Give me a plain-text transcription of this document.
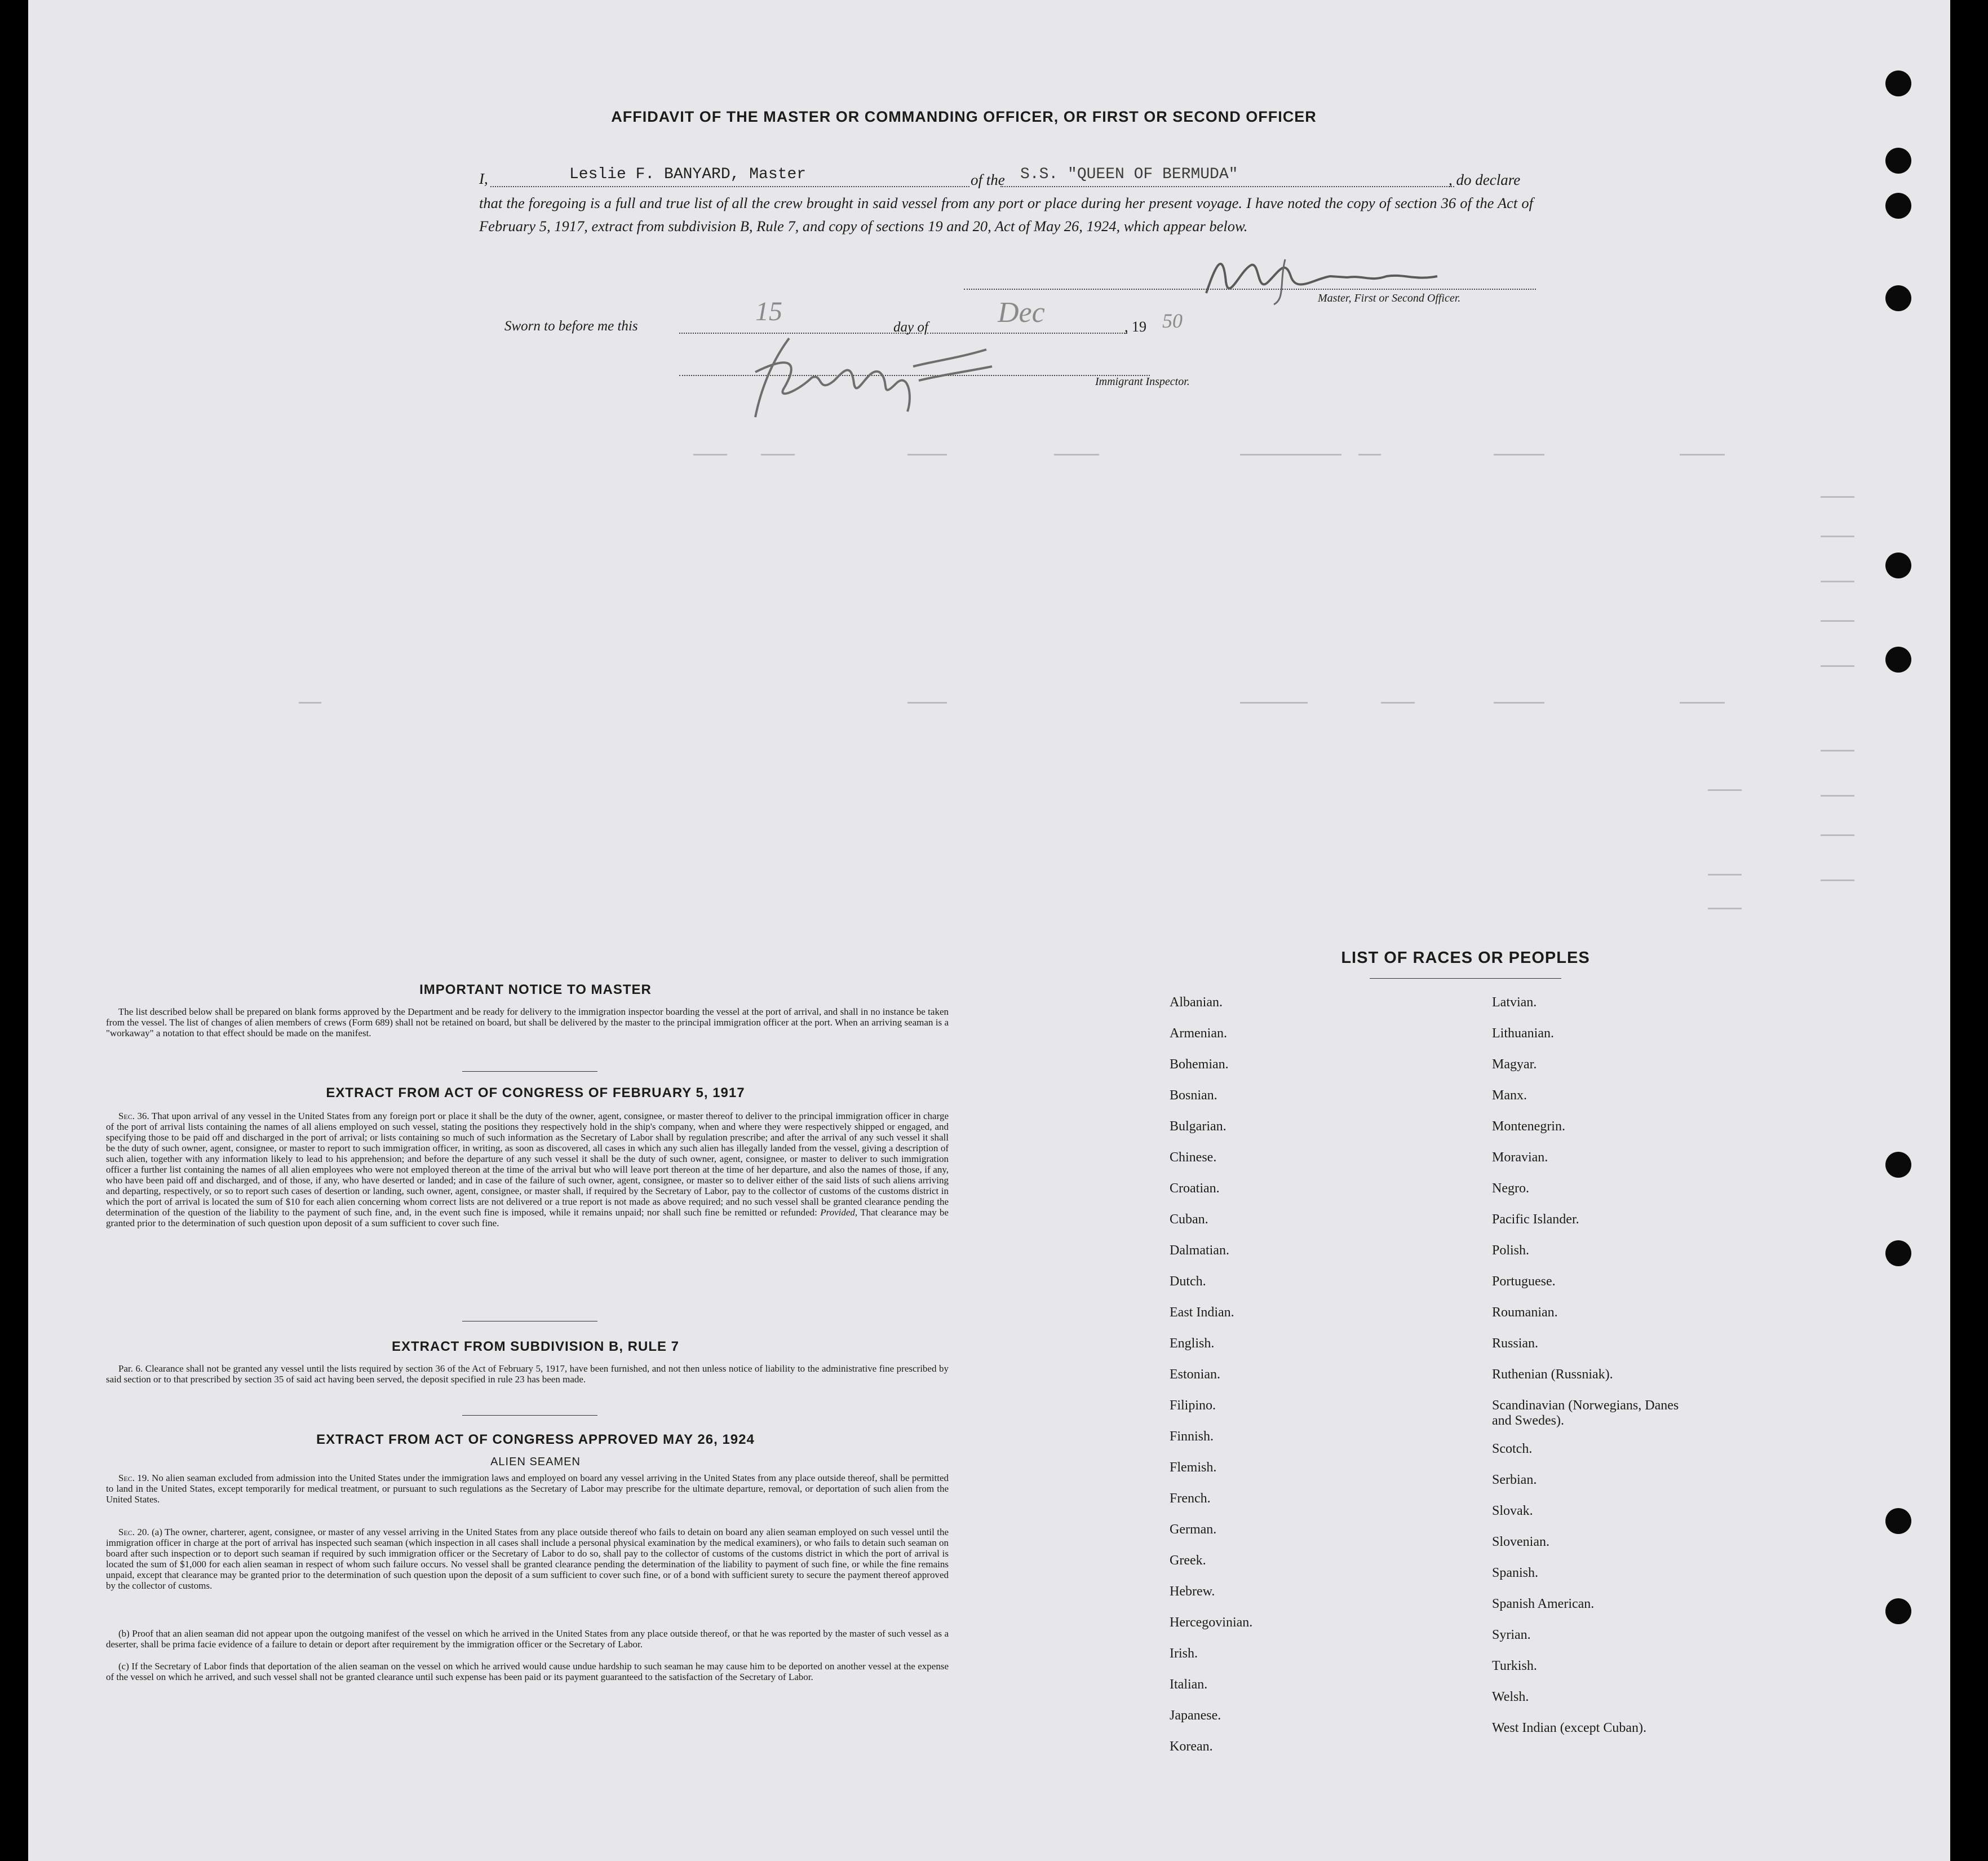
AFFIDAVIT OF THE MASTER OR COMMANDING OFFICER, OR FIRST OR SECOND OFFICER
I,	Leslie F. BANYARD, Master	of the S.S. "QUEEN OF BERMUDA"	, do declare

that the foregoing is a full and true list of all the crew brought in said vessel from any port or place during her present voyage. I have noted the copy of section 36 of the Act of February 5, 1917, extract from subdivision B, Rule 7, and copy of sections 19 and 20, Act of May 26, 1924, which appear below.

Master, First or Second Officer.
Sworn to before me this	15
day of Dec	, 19 50
Immigrant Inspector.
IMPORTANT NOTICE TO MASTER

The list described below shall be prepared on blank forms approved by the Department and be ready for delivery to the immigration inspector boarding the vessel at the port of arrival, and shall in no instance be taken from the vessel. The list of changes of alien members of crews (Form 689) shall not be retained on board, but shall be delivered by the master to the principal immigration officer at the port. When an arriving seaman is a "workaway" a notation to that effect should be made on the manifest.

EXTRACT FROM ACT OF CONGRESS OF FEBRUARY 5, 1917

Sec. 36. That upon arrival of any vessel in the United States from any foreign port or place it shall be the duty of the owner, agent, consignee, or master thereof to deliver to the principal immigration officer in charge of the port of arrival lists containing the names of all aliens employed on such vessel, stating the positions they respectively hold in the ship's company, when and where they were respectively shipped or engaged, and specifying those to be paid off and discharged in the port of arrival; or lists containing so much of such information as the Secretary of Labor shall by regulation prescribe; and after the arrival of any such vessel it shall be the duty of such owner, agent, consignee, or master to report to such immigration officer, in writing, as soon as discovered, all cases in which any such alien has illegally landed from the vessel, giving a description of such alien, together with any information likely to lead to his apprehension; and before the departure of any such vessel it shall be the duty of such owner, agent, consignee, or master to deliver to such immigration officer a further list containing the names of all alien employees who were not employed thereon at the time of the arrival but who will leave port thereon at the time of her departure, and also the names of those, if any, who have been paid off and discharged, and of those, if any, who have deserted or landed; and in case of the failure of such owner, agent, consignee, or master so to deliver either of the said lists of such aliens arriving and departing, respectively, or so to report such cases of desertion or landing, such owner, agent, consignee, or master shall, if required by the Secretary of Labor, pay to the collector of customs of the customs district in which the port of arrival is located the sum of $10 for each alien concerning whom correct lists are not delivered or a true report is not made as above required; and no such vessel shall be granted clearance pending the determination of the question of the liability to the payment of such fine, and, in the event such fine is imposed, while it remains unpaid; nor shall such fine be remitted or refunded: Provided, That clearance may be granted prior to the determination of such question upon deposit of a sum sufficient to cover such fine.

EXTRACT FROM SUBDIVISION B, RULE 7

Par. 6. Clearance shall not be granted any vessel until the lists required by section 36 of the Act of February 5, 1917, have been furnished, and not then unless notice of liability to the administrative fine prescribed by said section or to that prescribed by section 35 of said act having been served, the deposit specified in rule 23 has been made.

EXTRACT FROM ACT OF CONGRESS APPROVED MAY 26, 1924
ALIEN SEAMEN

Sec. 19. No alien seaman excluded from admission into the United States under the immigration laws and employed on board any vessel arriving in the United States from any place outside thereof, shall be permitted to land in the United States, except temporarily for medical treatment, or pursuant to such regulations as the Secretary of Labor may prescribe for the ultimate departure, removal, or deportation of such alien from the United States.

Sec. 20. (a) The owner, charterer, agent, consignee, or master of any vessel arriving in the United States from any place outside thereof who fails to detain on board any alien seaman employed on such vessel until the immigration officer in charge at the port of arrival has inspected such seaman (which inspection in all cases shall include a personal physical examination by the medical examiners), or who fails to detain such seaman on board after such inspection or to deport such seaman if required by such immigration officer or the Secretary of Labor to do so, shall pay to the collector of customs of the customs district in which the port of arrival is located the sum of $1,000 for each alien seaman in respect of whom such failure occurs. No vessel shall be granted clearance pending the determination of the liability to payment of such fine, or while the fine remains unpaid, except that clearance may be granted prior to the determination of such question upon the deposit of a sum sufficient to cover such fine, or of a bond with sufficient surety to secure the payment thereof approved by the collector of customs.

(b) Proof that an alien seaman did not appear upon the outgoing manifest of the vessel on which he arrived in the United States from any place outside thereof, or that he was reported by the master of such vessel as a deserter, shall be prima facie evidence of a failure to detain or deport after requirement by the immigration officer or the Secretary of Labor.

(c) If the Secretary of Labor finds that deportation of the alien seaman on the vessel on which he arrived would cause undue hardship to such seaman he may cause him to be deported on another vessel at the expense of the vessel on which he arrived, and such vessel shall not be granted clearance until such expense has been paid or its payment guaranteed to the satisfaction of the Secretary of Labor.

LIST OF RACES OR PEOPLES
Albanian.
Armenian.
Bohemian.
Bosnian.
Bulgarian.
Chinese.
Croatian.
Cuban.
Dalmatian.
Dutch.
East Indian.
English.
Estonian.
Filipino.
Finnish.
Flemish.
French.
German.
Greek.
Hebrew.
Hercegovinian.
Irish.
Italian.
Japanese.
Korean.
Latvian.
Lithuanian.
Magyar.
Manx.
Montenegrin.
Moravian.
Negro.
Pacific Islander.
Polish.
Portuguese.
Roumanian.
Russian.
Ruthenian (Russniak).
Scandinavian (Norwegians, Danes and Swedes).
Scotch.
Serbian.
Slovak.
Slovenian.
Spanish.
Spanish American.
Syrian.
Turkish.
Welsh.
West Indian (except Cuban).
